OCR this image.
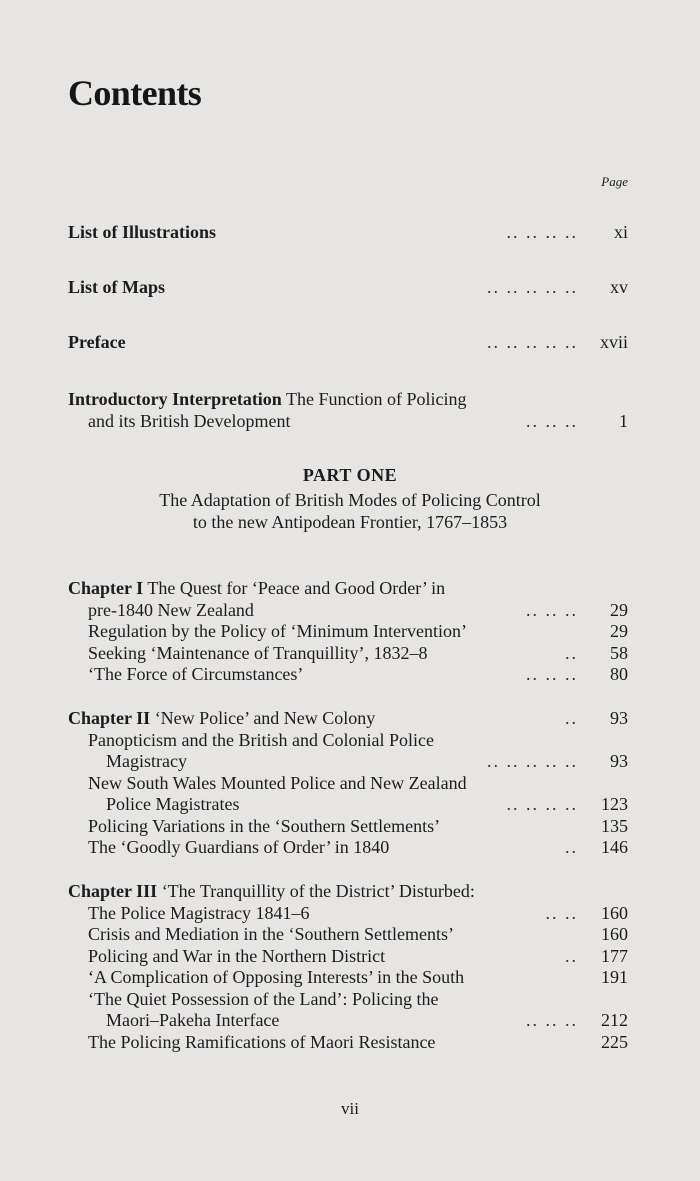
Contents
Page
List of Illustrations	.. .. .. .. xi
List of Maps	.. .. .. .. .. xv
Preface	.. .. .. .. .. xvii
Introductory Interpretation The Function of Policing
and its British Development	.. .. .. 1
PART ONE
The Adaptation of British Modes of Policing Control
to the new Antipodean Frontier, 1767–1853
Chapter I The Quest for ‘Peace and Good Order’ in
pre-1840 New Zealand	.. .. .. 29
Regulation by the Policy of ‘Minimum Intervention’	29
Seeking ‘Maintenance of Tranquillity’, 1832–8	.. 58
‘The Force of Circumstances’	.. .. .. 80
Chapter II ‘New Police’ and New Colony	.. 93
Panopticism and the British and Colonial Police
Magistracy	.. .. .. .. .. 93
New South Wales Mounted Police and New Zealand
Police Magistrates	.. .. .. .. 123
Policing Variations in the ‘Southern Settlements’	135
The ‘Goodly Guardians of Order’ in 1840	.. 146
Chapter III ‘The Tranquillity of the District’ Disturbed:
The Police Magistracy 1841–6	.. .. 160
Crisis and Mediation in the ‘Southern Settlements’	160
Policing and War in the Northern District	.. 177
‘A Complication of Opposing Interests’ in the South	191
‘The Quiet Possession of the Land’: Policing the
Maori–Pakeha Interface	.. .. .. 212
The Policing Ramifications of Maori Resistance	225
vii
